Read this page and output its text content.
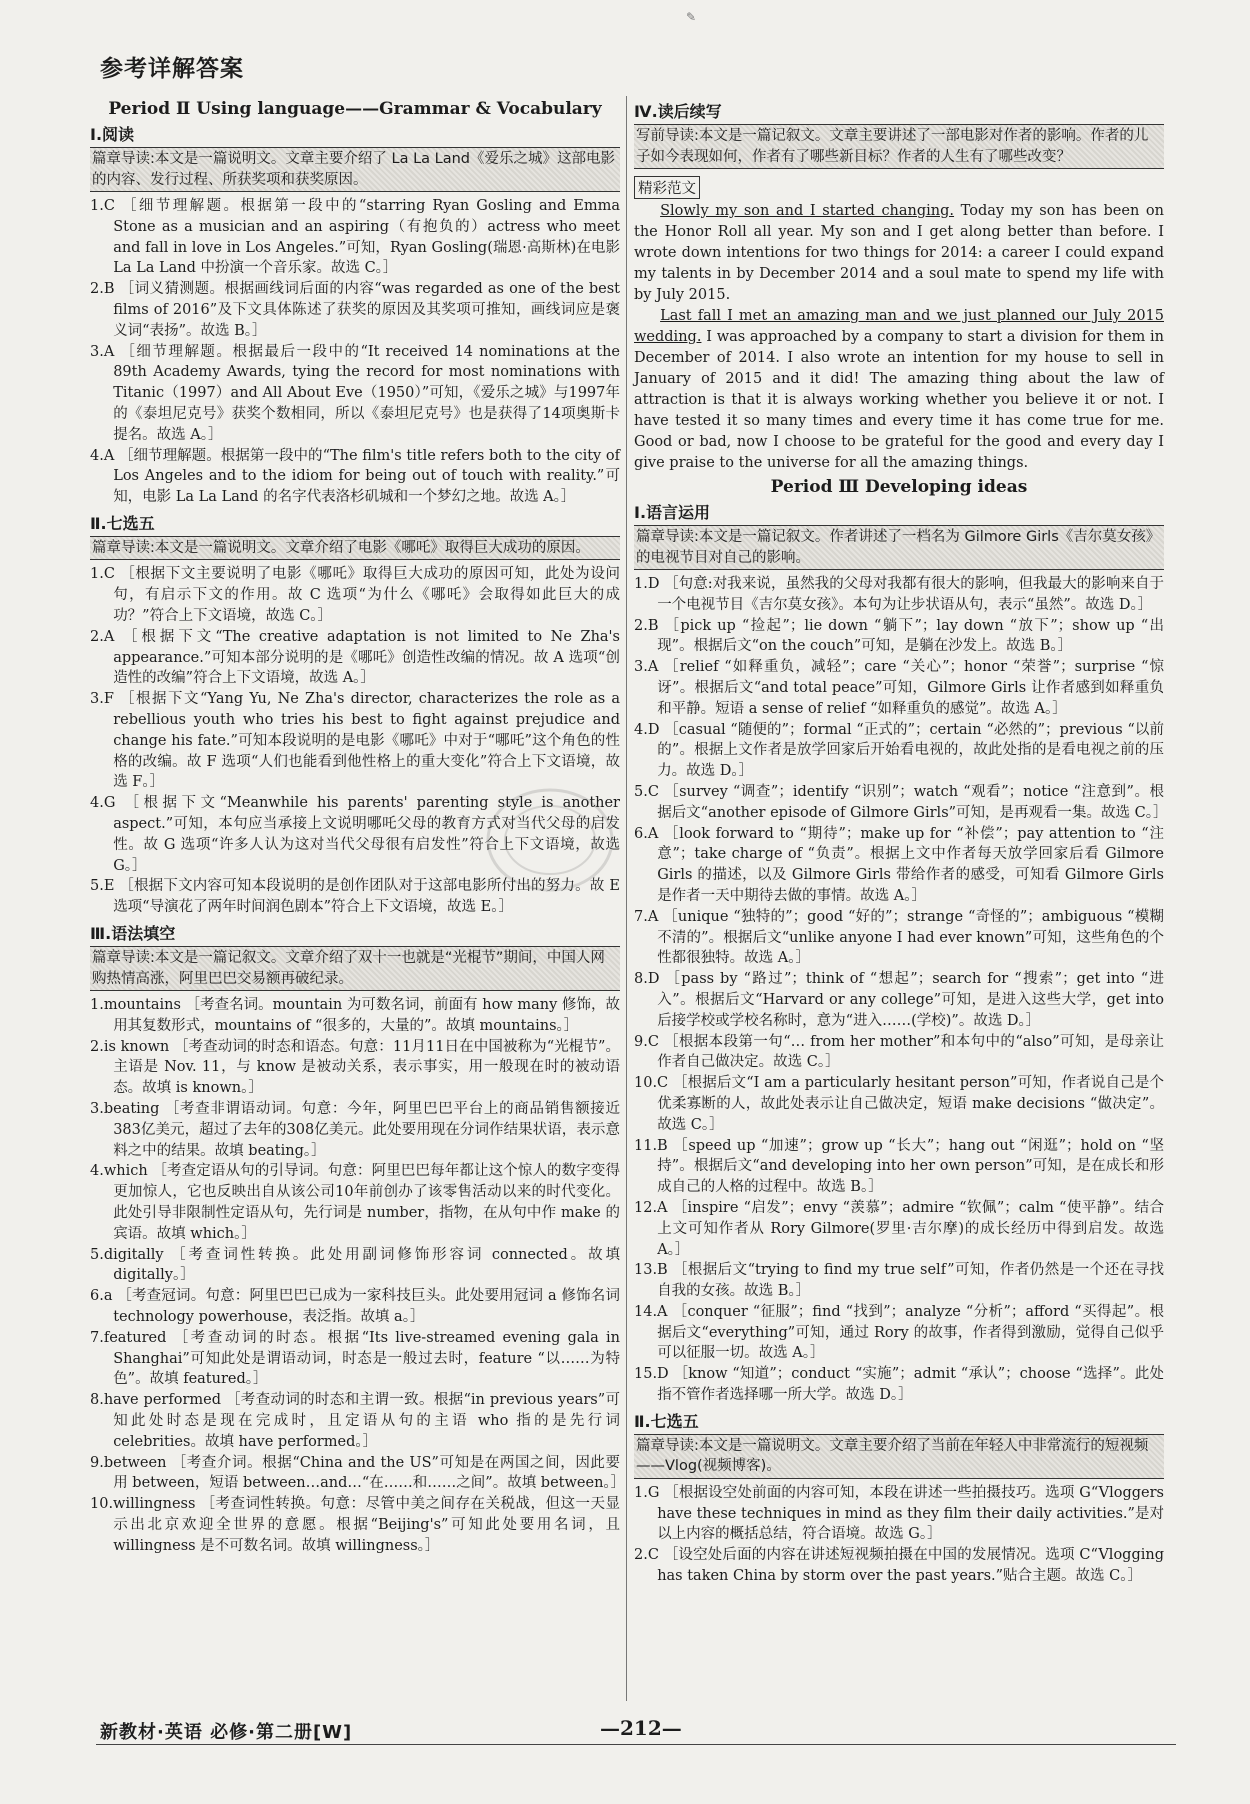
✎
参考详解答案
Period Ⅱ Using language——Grammar & Vocabulary
Ⅰ.阅读
篇章导读:本文是一篇说明文。文章主要介绍了 La La Land《爱乐之城》这部电影的内容、发行过程、所获奖项和获奖原因。
1.C ［细节理解题。根据第一段中的“starring Ryan Gosling and Emma Stone as a musician and an aspiring（有抱负的）actress who meet and fall in love in Los Angeles.”可知，Ryan Gosling(瑞恩·高斯林)在电影 La La Land 中扮演一个音乐家。故选 C。］
2.B ［词义猜测题。根据画线词后面的内容“was regarded as one of the best films of 2016”及下文具体陈述了获奖的原因及其奖项可推知，画线词应是褒义词“表扬”。故选 B。］
3.A ［细节理解题。根据最后一段中的“It received 14 nominations at the 89th Academy Awards, tying the record for most nominations with Titanic（1997）and All About Eve（1950）”可知，《爱乐之城》与1997年的《泰坦尼克号》获奖个数相同，所以《泰坦尼克号》也是获得了14项奥斯卡提名。故选 A。］
4.A ［细节理解题。根据第一段中的“The film's title refers both to the city of Los Angeles and to the idiom for being out of touch with reality.”可知，电影 La La Land 的名字代表洛杉矶城和一个梦幻之地。故选 A。］
Ⅱ.七选五
篇章导读:本文是一篇说明文。文章介绍了电影《哪吒》取得巨大成功的原因。
1.C ［根据下文主要说明了电影《哪吒》取得巨大成功的原因可知，此处为设问句，有启示下文的作用。故 C 选项“为什么《哪吒》会取得如此巨大的成功？”符合上下文语境，故选 C。］
2.A ［根据下文“The creative adaptation is not limited to Ne Zha's appearance.”可知本部分说明的是《哪吒》创造性改编的情况。故 A 选项“创造性的改编”符合上下文语境，故选 A。］
3.F ［根据下文“Yang Yu, Ne Zha's director, characterizes the role as a rebellious youth who tries his best to fight against prejudice and change his fate.”可知本段说明的是电影《哪吒》中对于“哪吒”这个角色的性格的改编。故 F 选项“人们也能看到他性格上的重大变化”符合上下文语境，故选 F。］
4.G ［根据下文“Meanwhile his parents' parenting style is another aspect.”可知，本句应当承接上文说明哪吒父母的教育方式对当代父母的启发性。故 G 选项“许多人认为这对当代父母很有启发性”符合上下文语境，故选 G。］
5.E ［根据下文内容可知本段说明的是创作团队对于这部电影所付出的努力。故 E 选项“导演花了两年时间润色剧本”符合上下文语境，故选 E。］
Ⅲ.语法填空
篇章导读:本文是一篇记叙文。文章介绍了双十一也就是“光棍节”期间，中国人网购热情高涨，阿里巴巴交易额再破纪录。
1.mountains ［考查名词。mountain 为可数名词，前面有 how many 修饰，故用其复数形式，mountains of “很多的，大量的”。故填 mountains。］
2.is known ［考查动词的时态和语态。句意：11月11日在中国被称为“光棍节”。主语是 Nov. 11，与 know 是被动关系，表示事实，用一般现在时的被动语态。故填 is known。］
3.beating ［考查非谓语动词。句意：今年，阿里巴巴平台上的商品销售额接近383亿美元，超过了去年的308亿美元。此处要用现在分词作结果状语，表示意料之中的结果。故填 beating。］
4.which ［考查定语从句的引导词。句意：阿里巴巴每年都让这个惊人的数字变得更加惊人，它也反映出自从该公司10年前创办了该零售活动以来的时代变化。此处引导非限制性定语从句，先行词是 number，指物，在从句中作 make 的宾语。故填 which。］
5.digitally ［考查词性转换。此处用副词修饰形容词 connected。故填 digitally。］
6.a ［考查冠词。句意：阿里巴巴已成为一家科技巨头。此处要用冠词 a 修饰名词 technology powerhouse，表泛指。故填 a。］
7.featured ［考查动词的时态。根据“Its live-streamed evening gala in Shanghai”可知此处是谓语动词，时态是一般过去时，feature “以……为特色”。故填 featured。］
8.have performed ［考查动词的时态和主谓一致。根据“in previous years”可知此处时态是现在完成时，且定语从句的主语 who 指的是先行词 celebrities。故填 have performed。］
9.between ［考查介词。根据“China and the US”可知是在两国之间，因此要用 between，短语 between…and…“在……和……之间”。故填 between。］
10.willingness ［考查词性转换。句意：尽管中美之间存在关税战，但这一天显示出北京欢迎全世界的意愿。根据“Beijing's”可知此处要用名词，且 willingness 是不可数名词。故填 willingness。］
Ⅳ.读后续写
写前导读:本文是一篇记叙文。文章主要讲述了一部电影对作者的影响。作者的儿子如今表现如何，作者有了哪些新目标？作者的人生有了哪些改变？
精彩范文
Slowly my son and I started changing. Today my son has been on the Honor Roll all year. My son and I get along better than before. I wrote down intentions for two things for 2014: a career I could expand my talents in by December 2014 and a soul mate to spend my life with by July 2015.
Last fall I met an amazing man and we just planned our July 2015 wedding. I was approached by a company to start a division for them in December of 2014. I also wrote an intention for my house to sell in January of 2015 and it did! The amazing thing about the law of attraction is that it is always working whether you believe it or not. I have tested it so many times and every time it has come true for me. Good or bad, now I choose to be grateful for the good and every day I give praise to the universe for all the amazing things.
Period Ⅲ Developing ideas
Ⅰ.语言运用
篇章导读:本文是一篇记叙文。作者讲述了一档名为 Gilmore Girls《吉尔莫女孩》的电视节目对自己的影响。
1.D ［句意:对我来说，虽然我的父母对我都有很大的影响，但我最大的影响来自于一个电视节目《吉尔莫女孩》。本句为让步状语从句，表示“虽然”。故选 D。］
2.B ［pick up “捡起”；lie down “躺下”；lay down “放下”；show up “出现”。根据后文“on the couch”可知，是躺在沙发上。故选 B。］
3.A ［relief “如释重负，减轻”；care “关心”；honor “荣誉”；surprise “惊讶”。根据后文“and total peace”可知，Gilmore Girls 让作者感到如释重负和平静。短语 a sense of relief “如释重负的感觉”。故选 A。］
4.D ［casual “随便的”；formal “正式的”；certain “必然的”；previous “以前的”。根据上文作者是放学回家后开始看电视的，故此处指的是看电视之前的压力。故选 D。］
5.C ［survey “调查”；identify “识别”；watch “观看”；notice “注意到”。根据后文“another episode of Gilmore Girls”可知，是再观看一集。故选 C。］
6.A ［look forward to “期待”；make up for “补偿”；pay attention to “注意”；take charge of “负责”。根据上文中作者每天放学回家后看 Gilmore Girls 的描述，以及 Gilmore Girls 带给作者的感受，可知看 Gilmore Girls 是作者一天中期待去做的事情。故选 A。］
7.A ［unique “独特的”；good “好的”；strange “奇怪的”；ambiguous “模糊不清的”。根据后文“unlike anyone I had ever known”可知，这些角色的个性都很独特。故选 A。］
8.D ［pass by “路过”；think of “想起”；search for “搜索”；get into “进入”。根据后文“Harvard or any college”可知，是进入这些大学，get into 后接学校或学校名称时，意为“进入……(学校)”。故选 D。］
9.C ［根据本段第一句“… from her mother”和本句中的“also”可知，是母亲让作者自己做决定。故选 C。］
10.C ［根据后文“I am a particularly hesitant person”可知，作者说自己是个优柔寡断的人，故此处表示让自己做决定，短语 make decisions “做决定”。故选 C。］
11.B ［speed up “加速”；grow up “长大”；hang out “闲逛”；hold on “坚持”。根据后文“and developing into her own person”可知，是在成长和形成自己的人格的过程中。故选 B。］
12.A ［inspire “启发”；envy “羡慕”；admire “钦佩”；calm “使平静”。结合上文可知作者从 Rory Gilmore(罗里·吉尔摩)的成长经历中得到启发。故选 A。］
13.B ［根据后文“trying to find my true self”可知，作者仍然是一个还在寻找自我的女孩。故选 B。］
14.A ［conquer “征服”；find “找到”；analyze “分析”；afford “买得起”。根据后文“everything”可知，通过 Rory 的故事，作者得到激励，觉得自己似乎可以征服一切。故选 A。］
15.D ［know “知道”；conduct “实施”；admit “承认”；choose “选择”。此处指不管作者选择哪一所大学。故选 D。］
Ⅱ.七选五
篇章导读:本文是一篇说明文。文章主要介绍了当前在年轻人中非常流行的短视频——Vlog(视频博客)。
1.G ［根据设空处前面的内容可知，本段在讲述一些拍摄技巧。选项 G“Vloggers have these techniques in mind as they film their daily activities.”是对以上内容的概括总结，符合语境。故选 G。］
2.C ［设空处后面的内容在讲述短视频拍摄在中国的发展情况。选项 C“Vlogging has taken China by storm over the past years.”贴合主题。故选 C。］
新教材·英语 必修·第二册[W]	—212—
